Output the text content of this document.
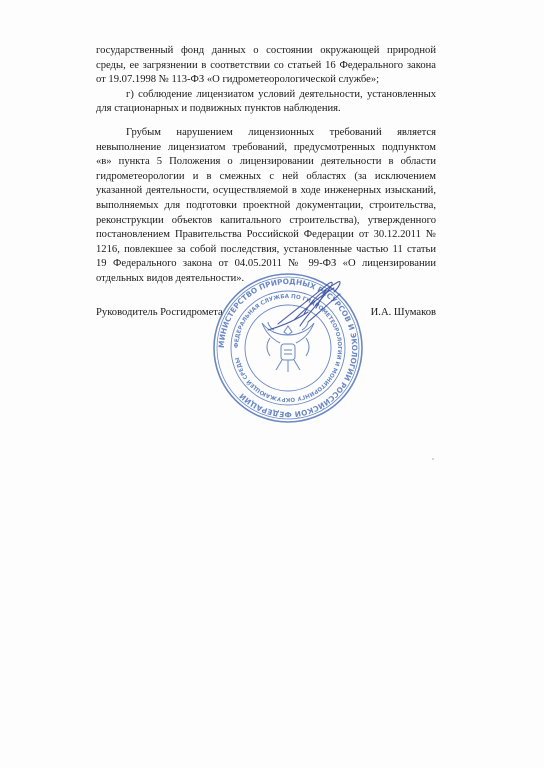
государственный фонд данных о состоянии окружающей природной среды, ее загрязнении в соответствии со статьей 16 Федерального закона от 19.07.1998 № 113-ФЗ «О гидрометеорологической службе»;

г) соблюдение лицензиатом условий деятельности, установленных для стационарных и подвижных пунктов наблюдения.

Грубым нарушением лицензионных требований является невыполнение лицензиатом требований, предусмотренных подпунктом «в» пункта 5 Положения о лицензировании деятельности в области гидрометеорологии и в смежных с ней областях (за исключением указанной деятельности, осуществляемой в ходе инженерных изысканий, выполняемых для подготовки проектной документации, строительства, реконструкции объектов капитального строительства), утвержденного постановлением Правительства Российской Федерации от 30.12.2011 № 1216, повлекшее за собой последствия, установленные частью 11 статьи 19 Федерального закона от 04.05.2011 № 99-ФЗ «О лицензировании отдельных видов деятельности».

Руководитель Росгидромета	И.А. Шумаков
МИНИСТЕРСТВО ПРИРОДНЫХ РЕСУРСОВ И ЭКОЛОГИИ РОССИЙСКОЙ ФЕДЕРАЦИИ
ФЕДЕРАЛЬНАЯ СЛУЖБА ПО ГИДРОМЕТЕОРОЛОГИИ И МОНИТОРИНГУ ОКРУЖАЮЩЕЙ СРЕДЫ
